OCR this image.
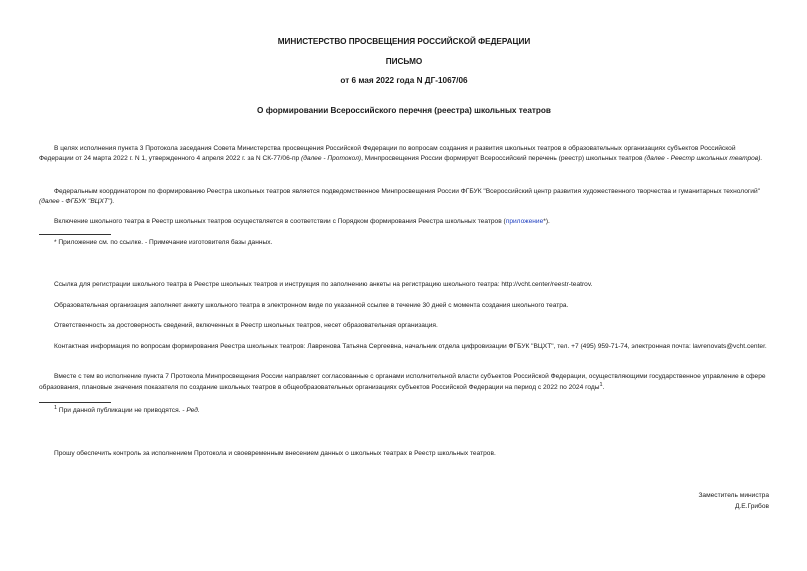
МИНИСТЕРСТВО ПРОСВЕЩЕНИЯ РОССИЙСКОЙ ФЕДЕРАЦИИ
ПИСЬМО
от 6 мая 2022 года N ДГ-1067/06
О формировании Всероссийского перечня (реестра) школьных театров
В целях исполнения пункта 3 Протокола заседания Совета Министерства просвещения Российской Федерации по вопросам создания и развития школьных театров в образовательных организациях субъектов Российской Федерации от 24 марта 2022 г. N 1, утвержденного 4 апреля 2022 г. за N СК-77/06-пр (далее - Протокол), Минпросвещения России формирует Всероссийский перечень (реестр) школьных театров (далее - Реестр школьных театров).
Федеральным координатором по формированию Реестра школьных театров является подведомственное Минпросвещения России ФГБУК "Всероссийский центр развития художественного творчества и гуманитарных технологий" (далее - ФГБУК "ВЦХТ").
Включение школьного театра в Реестр школьных театров осуществляется в соответствии с Порядком формирования Реестра школьных театров (приложение*).
* Приложение см. по ссылке. - Примечание изготовителя базы данных.
Ссылка для регистрации школьного театра в Реестре школьных театров и инструкция по заполнению анкеты на регистрацию школьного театра: http://vcht.center/reestr-teatrov.
Образовательная организация заполняет анкету школьного театра в электронном виде по указанной ссылке в течение 30 дней с момента создания школьного театра.
Ответственность за достоверность сведений, включенных в Реестр школьных театров, несет образовательная организация.
Контактная информация по вопросам формирования Реестра школьных театров: Лавренова Татьяна Сергеевна, начальник отдела цифровизации ФГБУК "ВЦХТ", тел. +7 (495) 959-71-74, электронная почта: lavrenovats@vcht.center.
Вместе с тем во исполнение пункта 7 Протокола Минпросвещения России направляет согласованные с органами исполнительной власти субъектов Российской Федерации, осуществляющими государственное управление в сфере образования, плановые значения показателя по создание школьных театров в общеобразовательных организациях субъектов Российской Федерации на период с 2022 по 2024 годы$^1$.
$^1$ При данной публикации не приводятся. - Ред.
Прошу обеспечить контроль за исполнением Протокола и своевременным внесением данных о школьных театрах в Реестр школьных театров.
Заместитель министра
Д.Е.Грибов
